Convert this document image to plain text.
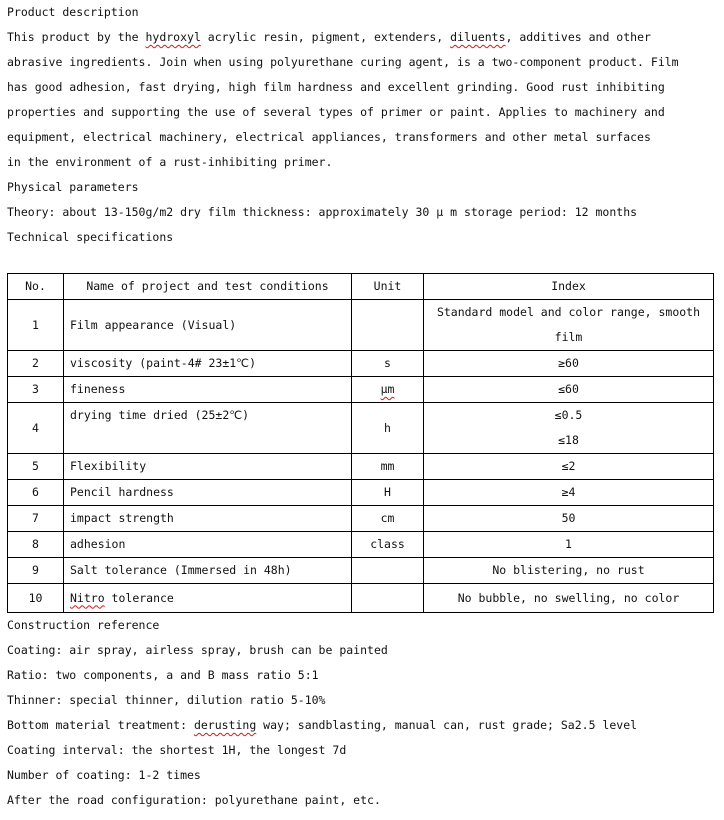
Product description
This product by the hydroxyl acrylic resin, pigment, extenders, diluents, additives and other
abrasive ingredients. Join when using polyurethane curing agent, is a two-component product. Film
has good adhesion, fast drying, high film hardness and excellent grinding. Good rust inhibiting
properties and supporting the use of several types of primer or paint. Applies to machinery and
equipment, electrical machinery, electrical appliances, transformers and other metal surfaces
in the environment of a rust-inhibiting primer.
Physical parameters
Theory: about 13-150g/m2 dry film thickness: approximately 30 μ m storage period: 12 months
Technical specifications
No.	Name of project and test conditions	Unit	Index
1	Film appearance (Visual)		Standard model and color range, smooth film
2	viscosity (paint-4# 23±1℃)	s	≥60
3	fineness	μm	≤60
4	drying time dried (25±2℃)	h	≤0.5
≤18

5	Flexibility	mm	≤2
6	Pencil hardness	H	≥4
7	impact strength	cm	50
8	adhesion	class	1
9	Salt tolerance (Immersed in 48h)		No blistering, no rust
10	Nitro tolerance		No bubble, no swelling, no color
Construction reference
Coating: air spray, airless spray, brush can be painted
Ratio: two components, a and B mass ratio 5:1
Thinner: special thinner, dilution ratio 5-10%
Bottom material treatment: derusting way; sandblasting, manual can, rust grade; Sa2.5 level
Coating interval: the shortest 1H, the longest 7d
Number of coating: 1-2 times
After the road configuration: polyurethane paint, etc.
